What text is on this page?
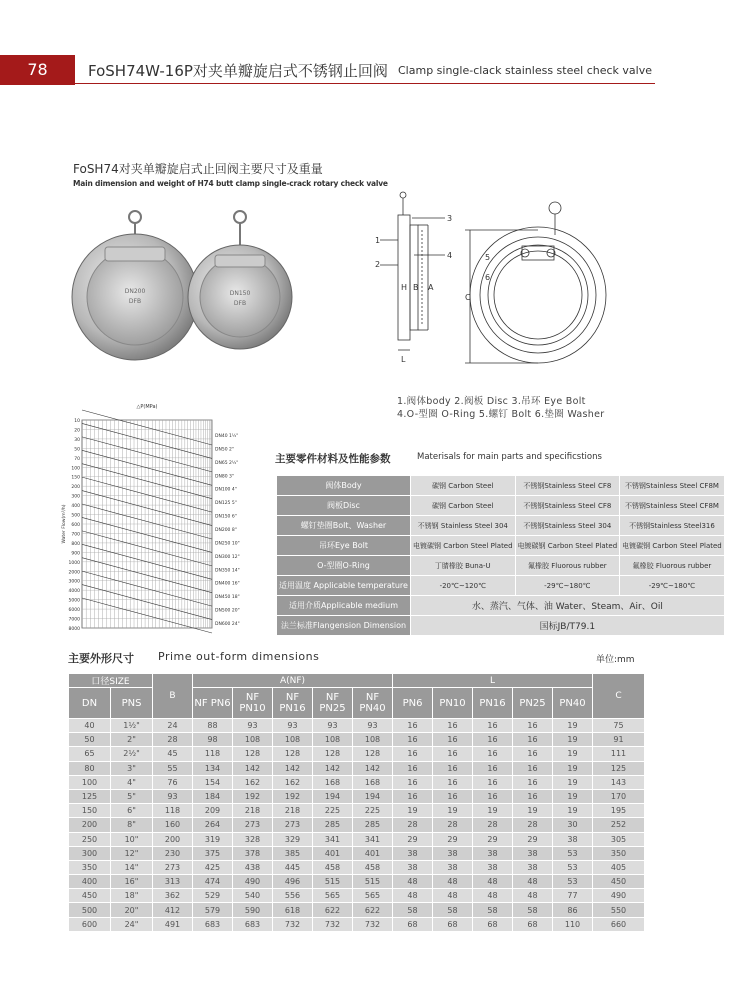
78	FoSH74W-16P对夹单瓣旋启式不锈钢止回阀 Clamp single-clack stainless steel check valve
FoSH74对夹单瓣旋启式止回阀主要尺寸及重量
Main dimension and weight of H74 butt clamp single-crack rotary check valve
DN200
DFB
DN150
DFB
1
2
3
4
A
B
H
L
C
5
6
1.阀体body 2.阀板 Disc 3.吊环 Eye Bolt
4.O-型圈 O-Ring 5.螺钉 Bolt 6.垫圈 Washer
10
20
30
50
70
100
150
200
300
400
500
600
700
800
900
1000
2000
3000
4000
5000
6000
7000
8000
DN40 1½"
DN50 2"
DN65 2½"
DN80 3"
DN100 4"
DN125 5"
DN150 6"
DN200 8"
DN250 10"
DN300 12"
DN350 14"
DN400 16"
DN450 18"
DN500 20"
DN600 24"
△P(MPa)
Water Flow(m³/h)
主要零件材料及性能参数	Materisals for main parts and specificstions
阀体Body	碳钢 Carbon Steel	不锈钢Stainless Steel CF8	不锈钢Stainless Steel CF8M
阀板Disc	碳钢 Carbon Steel	不锈钢Stainless Steel CF8	不锈钢Stainless Steel CF8M
螺钉垫圈Bolt、Washer	不锈钢 Stainless Steel 304	不锈钢Stainless Steel 304	不锈钢Stainless Steel316
吊环Eye Bolt	电镀碳钢 Carbon Steel Plated	电镀碳钢 Carbon Steel Plated	电镀碳钢 Carbon Steel Plated
O-型圈O-Ring	丁腈橡胶 Buna-U	氟橡胶 Fluorous rubber	氟橡胶 Fluorous rubber
适用温度 Applicable temperature	-20℃~120℃	-29℃~180℃	-29℃~180℃
适用介质Applicable medium	水、蒸汽、气体、油 Water、Steam、Air、Oil		
法兰标准Flangension Dimension	国标JB/T79.1		
主要外形尺寸 Prime out-form dimensions	单位:mm
口径SIZE		B	A(NF)					L					C
DN	PNS		NF PN6	NF PN10	NF PN16	NF PN25	NF PN40	PN6	PN10	PN16	PN25	PN40	
40	1½"	24	88	93	93	93	93	16	16	16	16	19	75
50	2"	28	98	108	108	108	108	16	16	16	16	19	91
65	2½"	45	118	128	128	128	128	16	16	16	16	19	111
80	3"	55	134	142	142	142	142	16	16	16	16	19	125
100	4"	76	154	162	162	168	168	16	16	16	16	19	143
125	5"	93	184	192	192	194	194	16	16	16	16	19	170
150	6"	118	209	218	218	225	225	19	19	19	19	19	195
200	8"	160	264	273	273	285	285	28	28	28	28	30	252
250	10"	200	319	328	329	341	341	29	29	29	29	38	305
300	12"	230	375	378	385	401	401	38	38	38	38	53	350
350	14"	273	425	438	445	458	458	38	38	38	38	53	405
400	16"	313	474	490	496	515	515	48	48	48	48	53	450
450	18"	362	529	540	556	565	565	48	48	48	48	77	490
500	20"	412	579	590	618	622	622	58	58	58	58	86	550
600	24"	491	683	683	732	732	732	68	68	68	68	110	660
